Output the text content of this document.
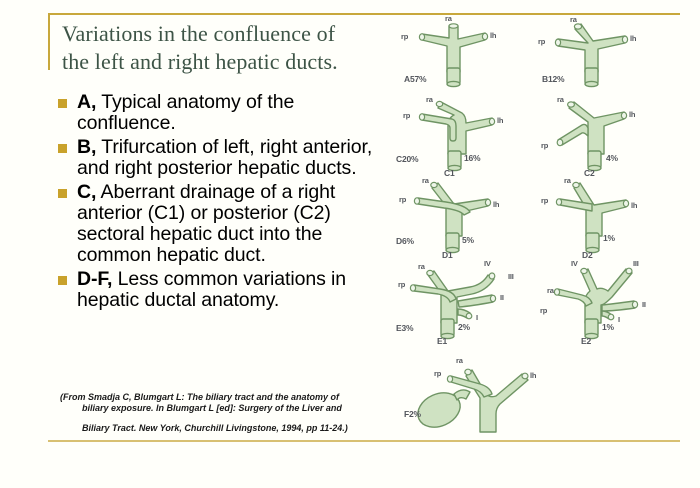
Variations in the confluence of
the left and right hepatic ducts.
A, Typical anatomy of the confluence.
B, Trifurcation of left, right anterior, and right posterior hepatic ducts.
C, Aberrant drainage of a right anterior (C1) or posterior (C2) sectoral hepatic duct into the common hepatic duct.
D-F, Less common variations in hepatic ductal anatomy.
(From Smadja C, Blumgart L: The biliary tract and the anatomy of
biliary exposure. In Blumgart L [ed]: Surgery of the Liver and
Biliary Tract. New York, Churchill Livingstone, 1994, pp 11-24.)
ra
rp	lh
A57%
ra
rp	lh
B12%
ra
rp
lh
C20%	16%
C1
ra
rp
lh
4%
C2
ra
rp
lh
D6%	5%
D1
ra
rp
lh
1%
D2
ra
rp
IV
III
II
I
E3%	2%
E1
ra
rp
IV	III
II
I
1%
E2
ra
rp	lh
F2%
